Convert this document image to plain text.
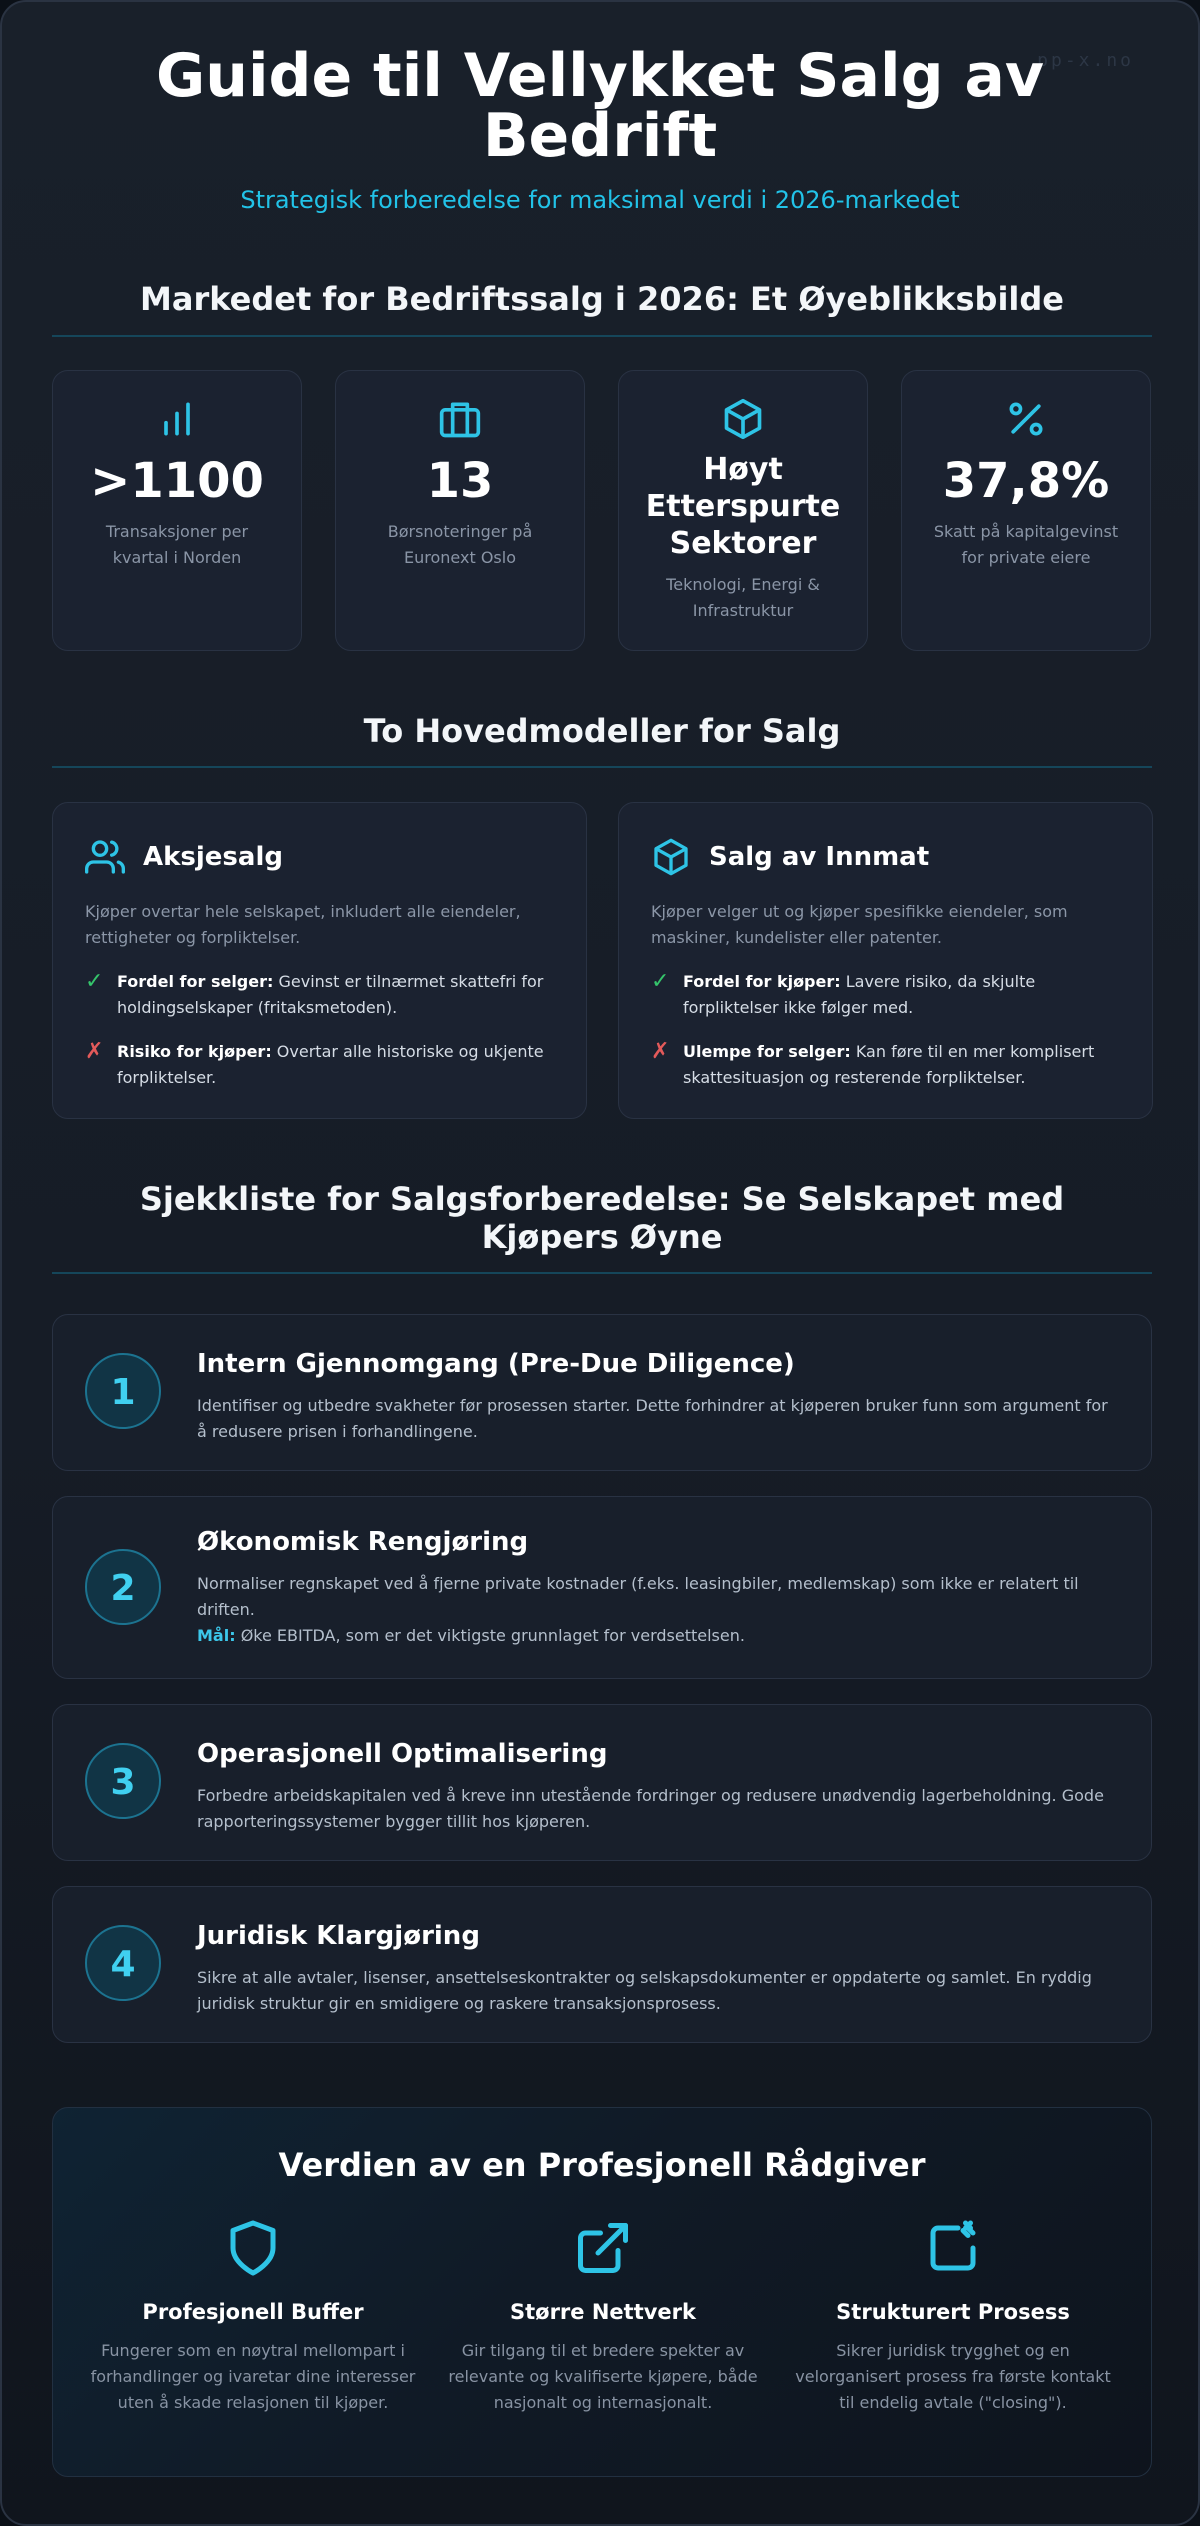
pp-x.no
Guide til Vellykket Salg av Bedrift
Strategisk forberedelse for maksimal verdi i 2026-markedet
Markedet for Bedriftssalg i 2026: Et Øyeblikksbilde
>1100
Transaksjoner per kvartal i Norden
13
Børsnoteringer på Euronext Oslo
Høyt Etterspurte Sektorer
Teknologi, Energi & Infrastruktur
37,8%
Skatt på kapitalgevinst for private eiere
To Hovedmodeller for Salg
Aksjesalg
Kjøper overtar hele selskapet, inkludert alle eiendeler, rettigheter og forpliktelser.
✓ Fordel for selger: Gevinst er tilnærmet skattefri for holdingselskaper (fritaksmetoden).
✗ Risiko for kjøper: Overtar alle historiske og ukjente forpliktelser.
Salg av Innmat
Kjøper velger ut og kjøper spesifikke eiendeler, som maskiner, kundelister eller patenter.
✓ Fordel for kjøper: Lavere risiko, da skjulte forpliktelser ikke følger med.
✗ Ulempe for selger: Kan føre til en mer komplisert skattesituasjon og resterende forpliktelser.
Sjekkliste for Salgsforberedelse: Se Selskapet med Kjøpers Øyne
1
Intern Gjennomgang (Pre-Due Diligence)

Identifiser og utbedre svakheter før prosessen starter. Dette forhindrer at kjøperen bruker funn som argument for å redusere prisen i forhandlingene.

2
Økonomisk Rengjøring

Normaliser regnskapet ved å fjerne private kostnader (f.eks. leasingbiler, medlemskap) som ikke er relatert til driften.
Mål: Øke EBITDA, som er det viktigste grunnlaget for verdsettelsen.

3
Operasjonell Optimalisering

Forbedre arbeidskapitalen ved å kreve inn utestående fordringer og redusere unødvendig lagerbeholdning. Gode rapporteringssystemer bygger tillit hos kjøperen.

4
Juridisk Klargjøring

Sikre at alle avtaler, lisenser, ansettelseskontrakter og selskapsdokumenter er oppdaterte og samlet. En ryddig juridisk struktur gir en smidigere og raskere transaksjonsprosess.

Verdien av en Profesjonell Rådgiver
Profesjonell Buffer

Fungerer som en nøytral mellompart i forhandlinger og ivaretar dine interesser uten å skade relasjonen til kjøper.

Større Nettverk

Gir tilgang til et bredere spekter av relevante og kvalifiserte kjøpere, både nasjonalt og internasjonalt.

Strukturert Prosess

Sikrer juridisk trygghet og en velorganisert prosess fra første kontakt til endelig avtale ("closing").
